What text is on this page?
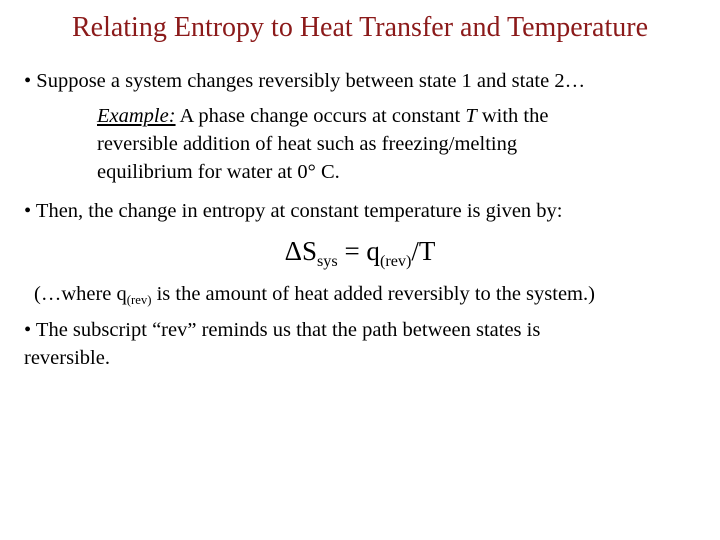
Relating Entropy to Heat Transfer and Temperature
• Suppose a system changes reversibly between state 1 and state 2…
Example: A phase change occurs at constant T with the
reversible addition of heat such as freezing/melting
equilibrium for water at 0° C.
• Then, the change in entropy at constant temperature is given by:
$\Delta S_{sys} = q_{(rev)}/T$
(…where q(rev) is the amount of heat added reversibly to the system.)
• The subscript “rev” reminds us that the path between states is
reversible.
